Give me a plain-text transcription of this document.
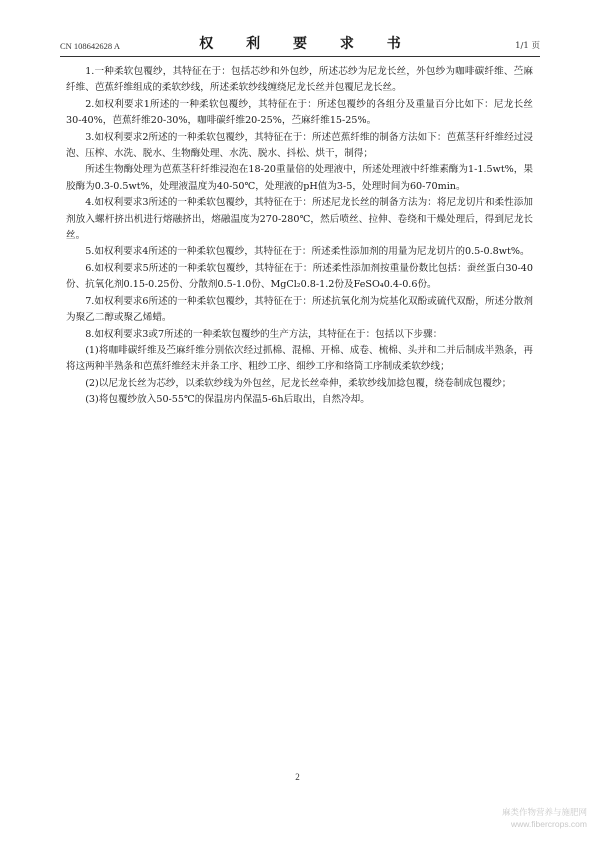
CN 108642628 A	权 利 要 求 书	1/1 页

1.一种柔软包覆纱，其特征在于：包括芯纱和外包纱，所述芯纱为尼龙长丝，外包纱为咖啡碳纤维、苎麻纤维、芭蕉纤维组成的柔软纱线，所述柔软纱线缠绕尼龙长丝并包覆尼龙长丝。

2.如权利要求1所述的一种柔软包覆纱，其特征在于：所述包覆纱的各组分及重量百分比如下：尼龙长丝30-40%，芭蕉纤维20-30%，咖啡碳纤维20-25%，苎麻纤维15-25%。

3.如权利要求2所述的一种柔软包覆纱，其特征在于：所述芭蕉纤维的制备方法如下：芭蕉茎秆纤维经过浸泡、压榨、水洗、脱水、生物酶处理、水洗、脱水、抖松、烘干，制得；

所述生物酶处理为芭蕉茎秆纤维浸泡在18-20重量倍的处理液中，所述处理液中纤维素酶为1-1.5wt%，果胶酶为0.3-0.5wt%，处理液温度为40-50℃，处理液的pH值为3-5，处理时间为60-70min。

4.如权利要求3所述的一种柔软包覆纱，其特征在于：所述尼龙长丝的制备方法为：将尼龙切片和柔性添加剂放入螺杆挤出机进行熔融挤出，熔融温度为270-280℃，然后喷丝、拉伸、卷绕和干燥处理后，得到尼龙长丝。

5.如权利要求4所述的一种柔软包覆纱，其特征在于：所述柔性添加剂的用量为尼龙切片的0.5-0.8wt%。

6.如权利要求5所述的一种柔软包覆纱，其特征在于：所述柔性添加剂按重量份数比包括：蚕丝蛋白30-40份、抗氧化剂0.15-0.25份、分散剂0.5-1.0份、MgCl₂0.8-1.2份及FeSO₄0.4-0.6份。

7.如权利要求6所述的一种柔软包覆纱，其特征在于：所述抗氧化剂为烷基化双酚或硫代双酚，所述分散剂为聚乙二醇或聚乙烯蜡。

8.如权利要求3或7所述的一种柔软包覆纱的生产方法，其特征在于：包括以下步骤：

(1)将咖啡碳纤维及苎麻纤维分别依次经过抓棉、混棉、开棉、成卷、梳棉、头并和二并后制成半熟条，再将这两种半熟条和芭蕉纤维经末并条工序、粗纱工序、细纱工序和络筒工序制成柔软纱线；

(2)以尼龙长丝为芯纱，以柔软纱线为外包丝，尼龙长丝牵伸，柔软纱线加捻包覆，绕卷制成包覆纱；

(3)将包覆纱放入50-55℃的保温房内保温5-6h后取出，自然冷却。

2
麻类作物营养与施肥网
www.fibercrops.com
